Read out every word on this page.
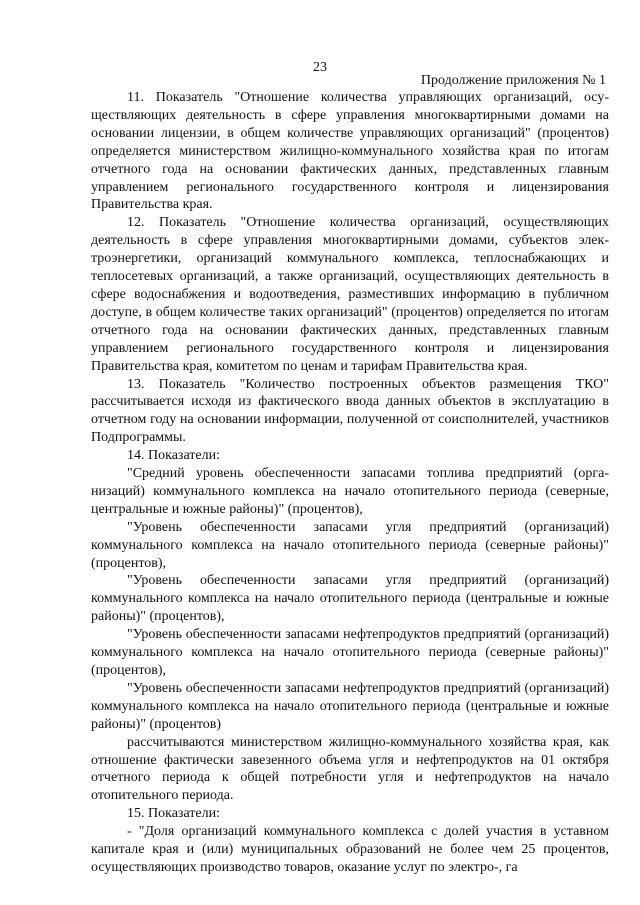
23
Продолжение приложения № 1

11. Показатель "Отношение количества управляющих организаций, осуществляющих деятельность в сфере управления многоквартирными домами на основании лицензии, в общем количестве управляющих организаций" (процентов) определяется министерством жилищно-коммунального хозяйства края по итогам отчетного года на основании фактических данных, представленных главным управлением регионального государственного контроля и лицензирования Правительства края.

12. Показатель "Отношение количества организаций, осуществляющих деятельность в сфере управления многоквартирными домами, субъектов электроэнергетики, организаций коммунального комплекса, теплоснабжающих и теплосетевых организаций, а также организаций, осуществляющих деятельность в сфере водоснабжения и водоотведения, разместивших информацию в публичном доступе, в общем количестве таких организаций" (процентов) определяется по итогам отчетного года на основании фактических данных, представленных главным управлением регионального государственного контроля и лицензирования Правительства края, комитетом по ценам и тарифам Правительства края.

13. Показатель "Количество построенных объектов размещения ТКО" рассчитывается исходя из фактического ввода данных объектов в эксплуатацию в отчетном году на основании информации, полученной от соисполнителей, участников Подпрограммы.

14. Показатели:

"Средний уровень обеспеченности запасами топлива предприятий (организаций) коммунального комплекса на начало отопительного периода (северные, центральные и южные районы)" (процентов),

"Уровень обеспеченности запасами угля предприятий (организаций) коммунального комплекса на начало отопительного периода (северные районы)" (процентов),

"Уровень обеспеченности запасами угля предприятий (организаций) коммунального комплекса на начало отопительного периода (центральные и южные районы)" (процентов),

"Уровень обеспеченности запасами нефтепродуктов предприятий (организаций) коммунального комплекса на начало отопительного периода (северные районы)" (процентов),

"Уровень обеспеченности запасами нефтепродуктов предприятий (организаций) коммунального комплекса на начало отопительного периода (центральные и южные районы)" (процентов)

рассчитываются министерством жилищно-коммунального хозяйства края, как отношение фактически завезенного объема угля и нефтепродуктов на 01 октября отчетного периода к общей потребности угля и нефтепродуктов на начало отопительного периода.

15. Показатели:

- "Доля организаций коммунального комплекса с долей участия в уставном капитале края и (или) муниципальных образований не более чем 25 процентов, осуществляющих производство товаров, оказание услуг по электро-, га
